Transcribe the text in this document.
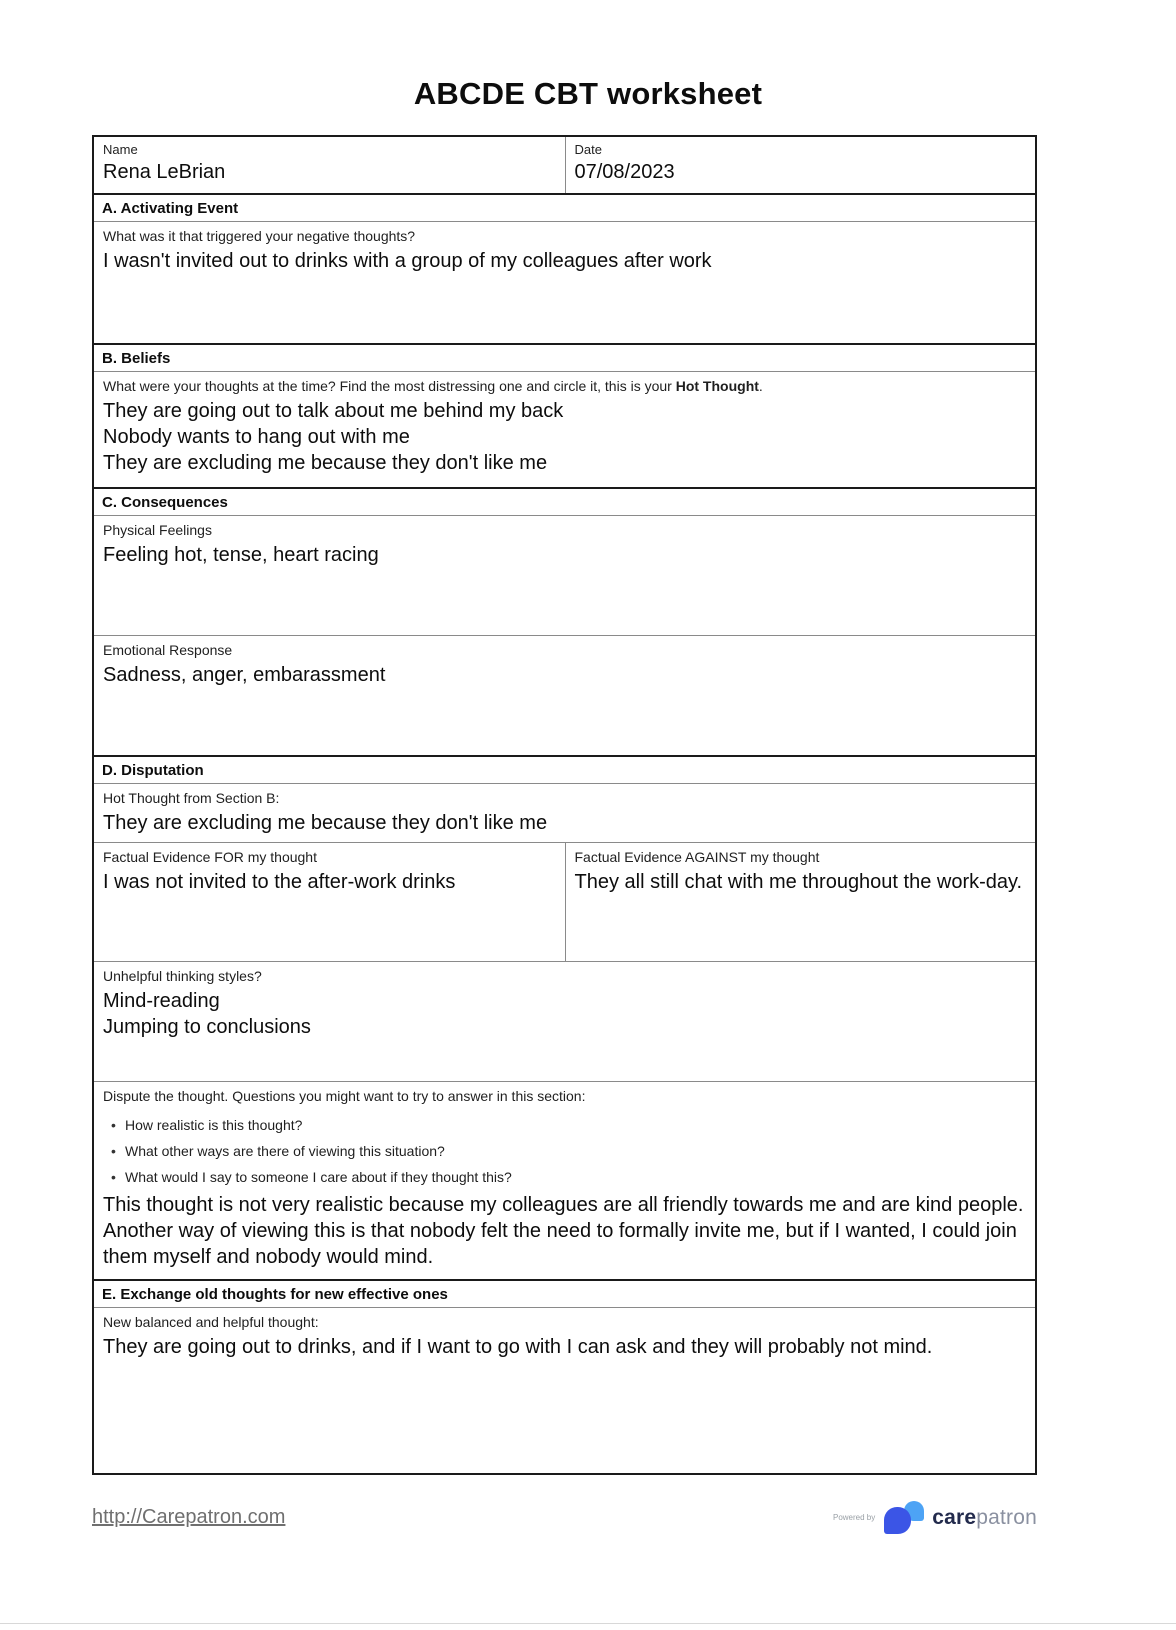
ABCDE CBT worksheet
Name
Rena LeBrian
Date
07/08/2023
A. Activating Event
What was it that triggered your negative thoughts?
I wasn't invited out to drinks with a group of my colleagues after work
B. Beliefs
What were your thoughts at the time? Find the most distressing one and circle it, this is your Hot Thought.
They are going out to talk about me behind my back
Nobody wants to hang out with me
They are excluding me because they don't like me
C. Consequences
Physical Feelings
Feeling hot, tense, heart racing
Emotional Response
Sadness, anger, embarassment
D. Disputation
Hot Thought from Section B:
They are excluding me because they don't like me
Factual Evidence FOR my thought
I was not invited to the after-work drinks
Factual Evidence AGAINST my thought
They all still chat with me throughout the work-day.
Unhelpful thinking styles?
Mind-reading
Jumping to conclusions
Dispute the thought. Questions you might want to try to answer in this section:
• How realistic is this thought?
• What other ways are there of viewing this situation?
• What would I say to someone I care about if they thought this?
This thought is not very realistic because my colleagues are all friendly towards me and are kind people. Another way of viewing this is that nobody felt the need to formally invite me, but if I wanted, I could join them myself and nobody would mind.
E. Exchange old thoughts for new effective ones
New balanced and helpful thought:
They are going out to drinks, and if I want to go with I can ask and they will probably not mind.
http://Carepatron.com	Powered by	carepatron
